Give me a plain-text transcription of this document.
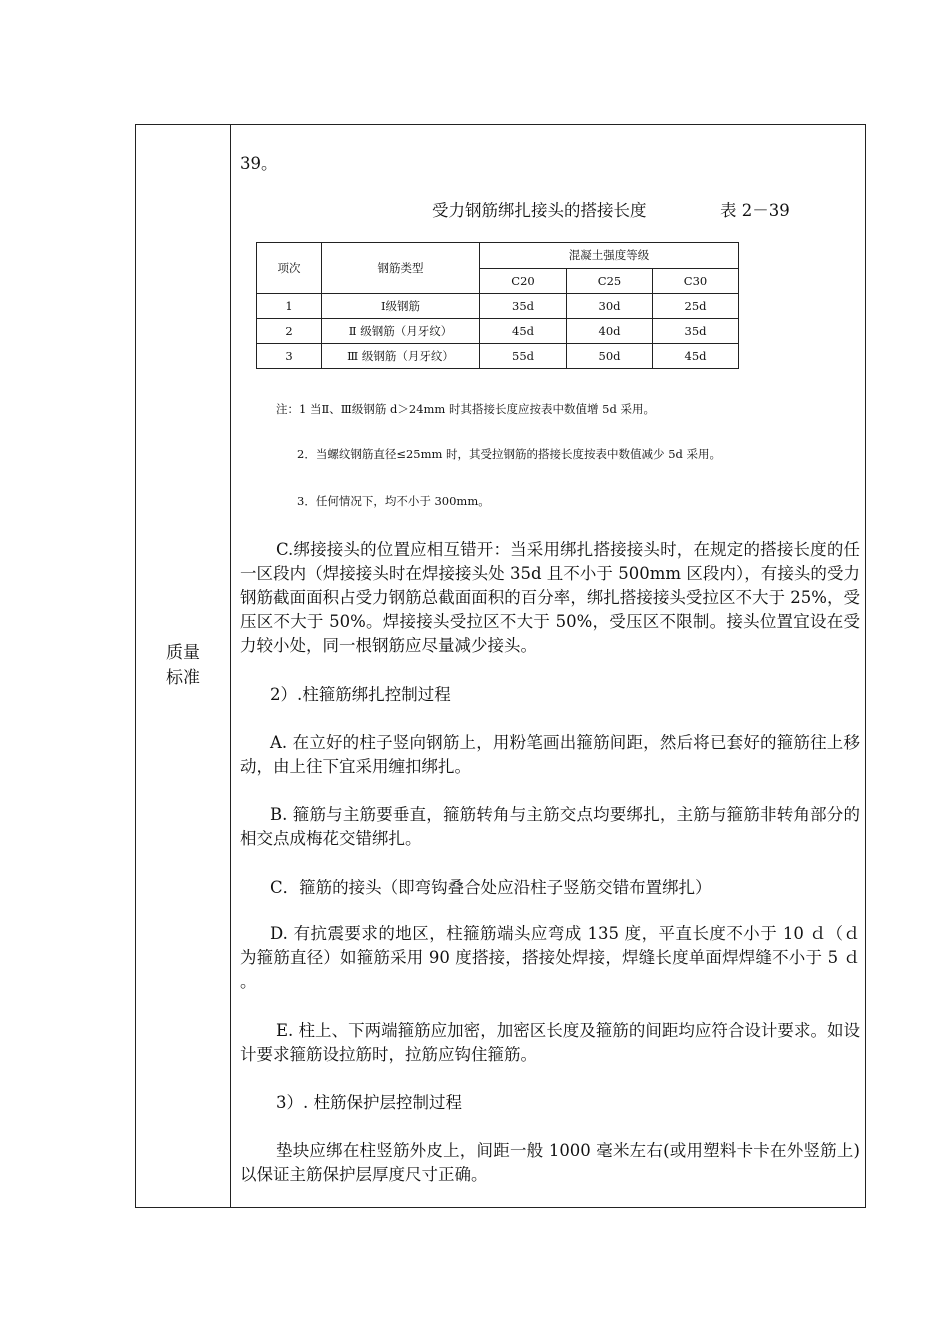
质量标准
39。
受力钢筋绑扎接头的搭接长度	表 2－39
项次	钢筋类型	混凝土强度等级		
		C20	C25	C30
1	Ⅰ级钢筋	35d	30d	25d
2	Ⅱ 级钢筋（月牙纹）	45d	40d	35d
3	Ⅲ 级钢筋（月牙纹）	55d	50d	45d
注：1 当Ⅱ、Ⅲ级钢筋 d＞24mm 时其搭接长度应按表中数值增 5d 采用。
2．当螺纹钢筋直径≤25mm 时，其受拉钢筋的搭接长度按表中数值减少 5d 采用。
3．任何情况下，均不小于 300mm。
C.绑接接头的位置应相互错开：当采用绑扎搭接接头时，在规定的搭接长度的任一区段内（焊接接头时在焊接接头处 35d 且不小于 500mm 区段内），有接头的受力钢筋截面面积占受力钢筋总截面面积的百分率，绑扎搭接接头受拉区不大于 25%，受压区不大于 50%。焊接接头受拉区不大于 50%，受压区不限制。接头位置宜设在受力较小处，同一根钢筋应尽量减少接头。
2）.柱箍筋绑扎控制过程
A. 在立好的柱子竖向钢筋上，用粉笔画出箍筋间距，然后将已套好的箍筋往上移动，由上往下宜采用缠扣绑扎。
B. 箍筋与主筋要垂直，箍筋转角与主筋交点均要绑扎，主筋与箍筋非转角部分的相交点成梅花交错绑扎。
C．箍筋的接头（即弯钩叠合处应沿柱子竖筋交错布置绑扎）
D. 有抗震要求的地区，柱箍筋端头应弯成 135 度，平直长度不小于 10 ｄ（ｄ为箍筋直径）如箍筋采用 90 度搭接，搭接处焊接，焊缝长度单面焊焊缝不小于 5 ｄ 。
E. 柱上、下两端箍筋应加密，加密区长度及箍筋的间距均应符合设计要求。如设计要求箍筋设拉筋时，拉筋应钩住箍筋。
3）. 柱筋保护层控制过程
垫块应绑在柱竖筋外皮上，间距一般 1000 毫米左右(或用塑料卡卡在外竖筋上)以保证主筋保护层厚度尺寸正确。
